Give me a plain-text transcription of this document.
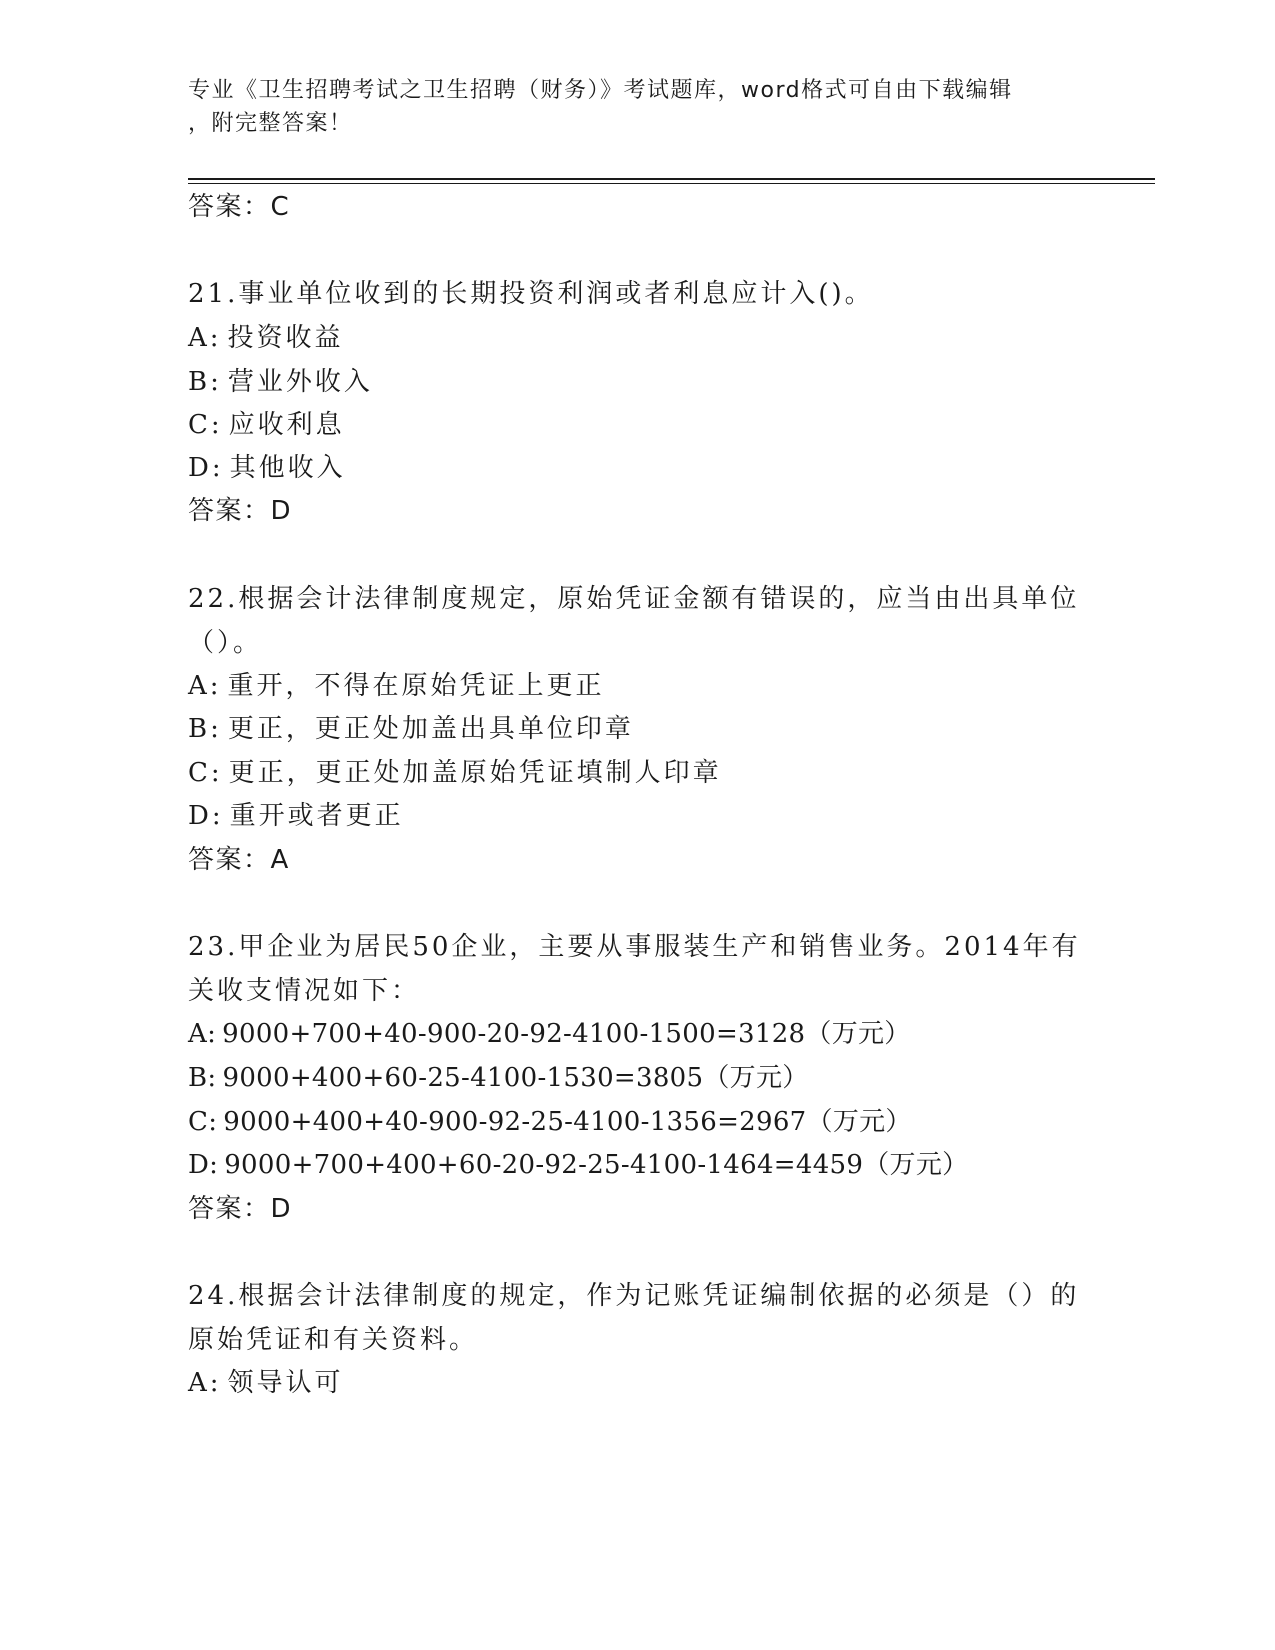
专业《卫生招聘考试之卫生招聘（财务）》考试题库，word格式可自由下载编辑
，附完整答案！
答案：C
21.事业单位收到的长期投资利润或者利息应计入()。
A: 投资收益
B: 营业外收入
C: 应收利息
D: 其他收入
答案：D
22.根据会计法律制度规定，原始凭证金额有错误的，应当由出具单位
（）。
A: 重开，不得在原始凭证上更正
B: 更正，更正处加盖出具单位印章
C: 更正，更正处加盖原始凭证填制人印章
D: 重开或者更正
答案：A
23.甲企业为居民50企业，主要从事服装生产和销售业务。2014年有
关收支情况如下：
A: 9000+700+40-900-20-92-4100-1500=3128（万元）
B: 9000+400+60-25-4100-1530=3805（万元）
C: 9000+400+40-900-92-25-4100-1356=2967（万元）
D: 9000+700+400+60-20-92-25-4100-1464=4459（万元）
答案：D
24.根据会计法律制度的规定，作为记账凭证编制依据的必须是（）的
原始凭证和有关资料。
A: 领导认可
